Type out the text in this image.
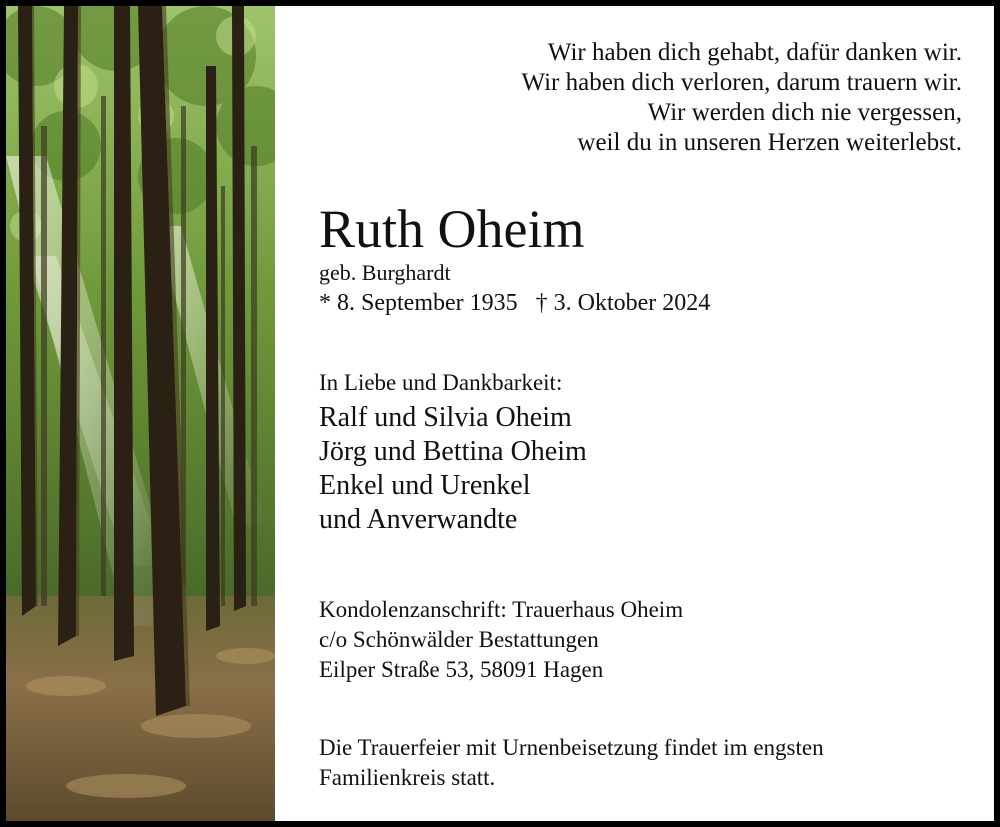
Wir haben dich gehabt, dafür danken wir.
Wir haben dich verloren, darum trauern wir.
Wir werden dich nie vergessen,
weil du in unseren Herzen weiterlebst.
Ruth Oheim
geb. Burghardt
* 8. September 1935 † 3. Oktober 2024
In Liebe und Dankbarkeit:
Ralf und Silvia Oheim
Jörg und Bettina Oheim
Enkel und Urenkel
und Anverwandte
Kondolenzanschrift: Trauerhaus Oheim
c/o Schönwälder Bestattungen
Eilper Straße 53, 58091 Hagen
Die Trauerfeier mit Urnenbeisetzung findet im engsten
Familienkreis statt.
